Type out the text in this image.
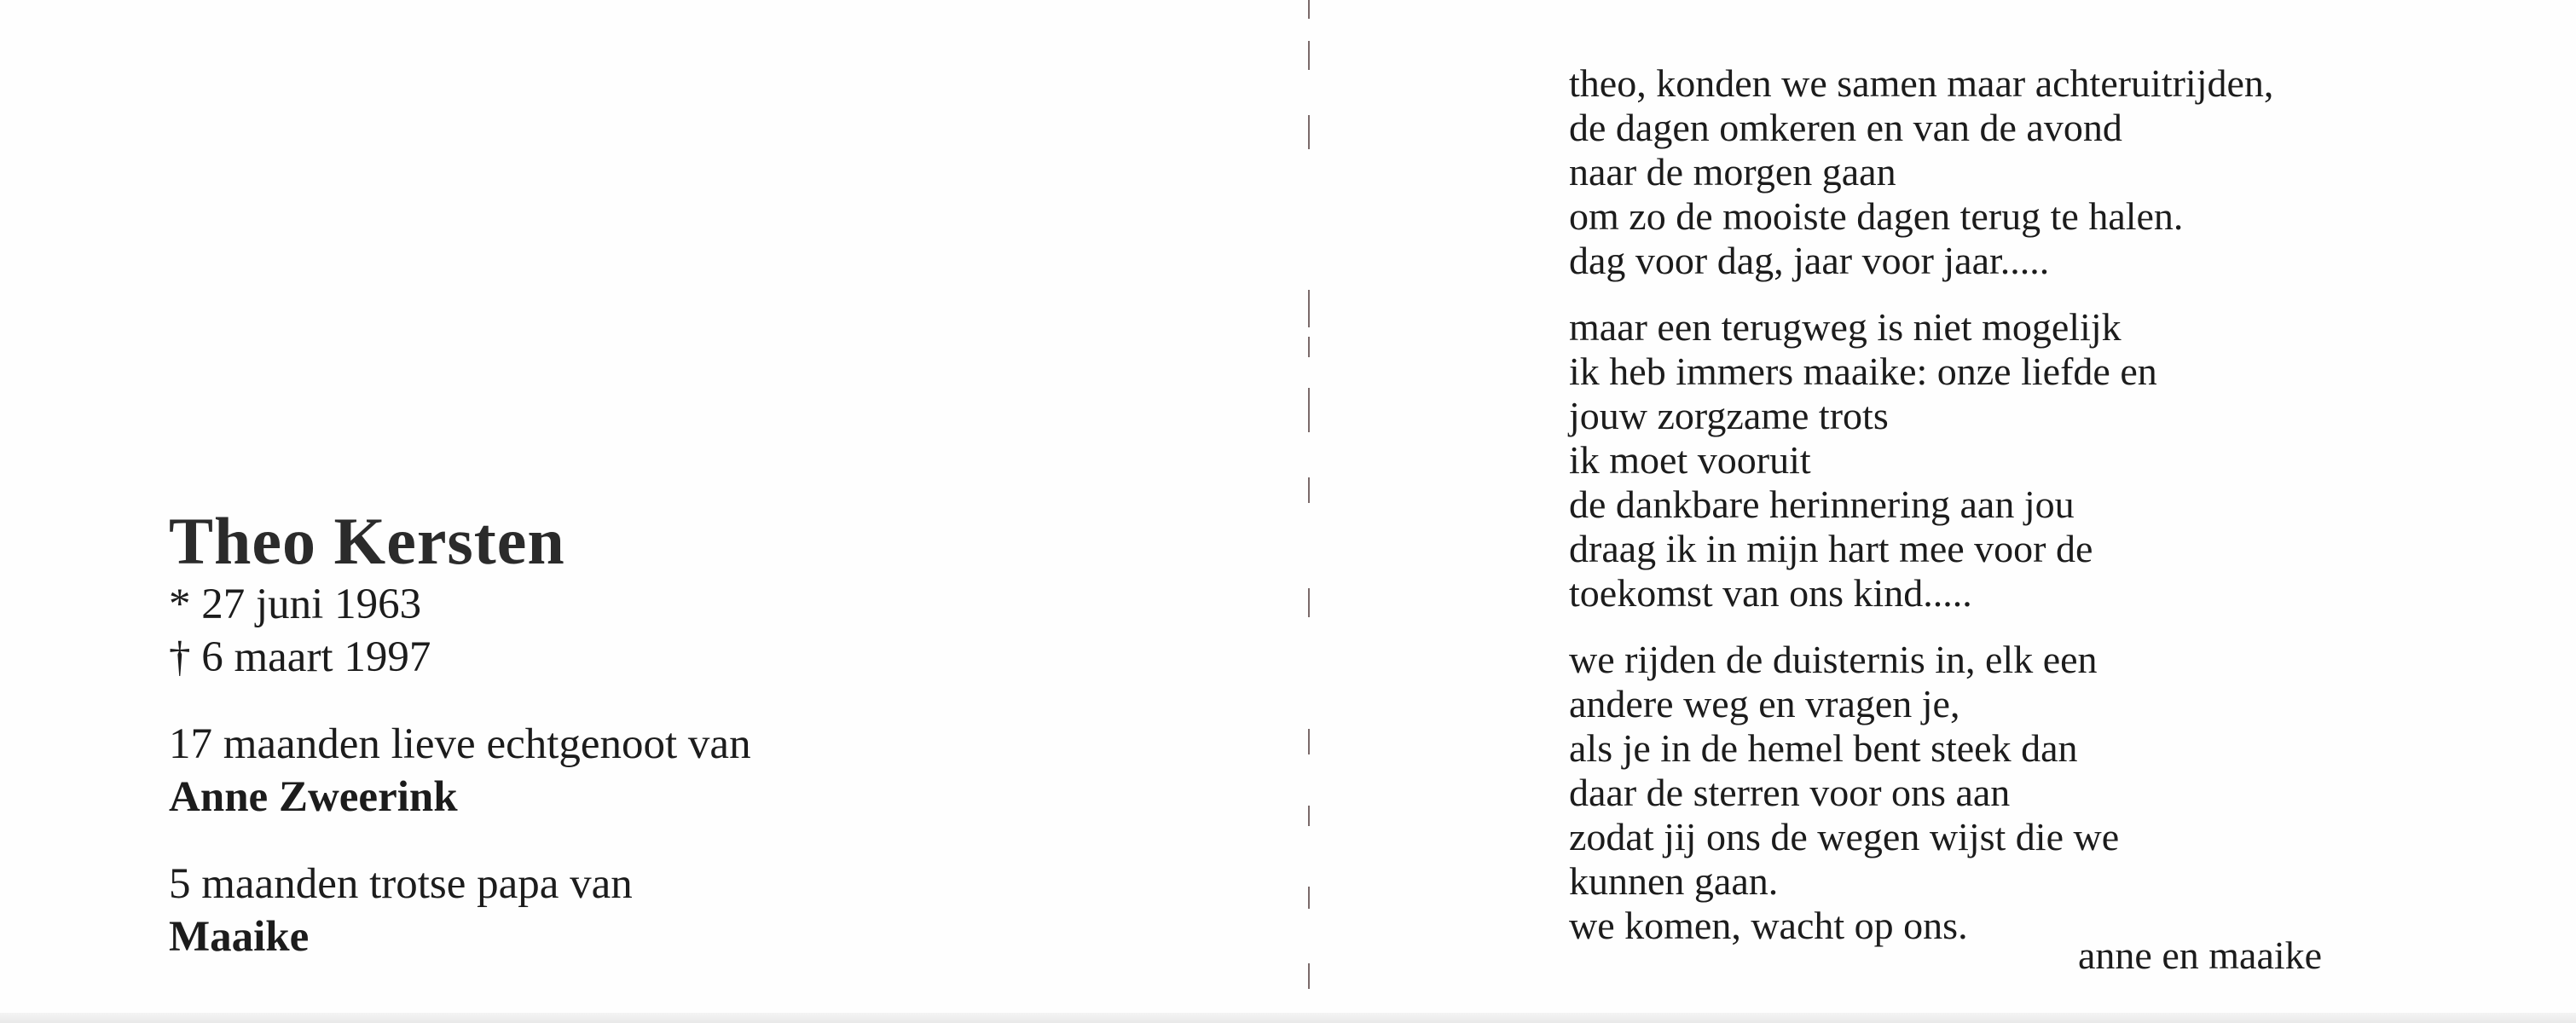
Theo Kersten
* 27 juni 1963
† 6 maart 1997
17 maanden lieve echtgenoot van
Anne Zweerink
5 maanden trotse papa van
Maaike
theo, konden we samen maar achteruitrijden,
de dagen omkeren en van de avond
naar de morgen gaan
om zo de mooiste dagen terug te halen.
dag voor dag, jaar voor jaar.....
maar een terugweg is niet mogelijk
ik heb immers maaike: onze liefde en
jouw zorgzame trots
ik moet vooruit
de dankbare herinnering aan jou
draag ik in mijn hart mee voor de
toekomst van ons kind.....
we rijden de duisternis in, elk een
andere weg en vragen je,
als je in de hemel bent steek dan
daar de sterren voor ons aan
zodat jij ons de wegen wijst die we
kunnen gaan.
we komen, wacht op ons.
anne en maaike
